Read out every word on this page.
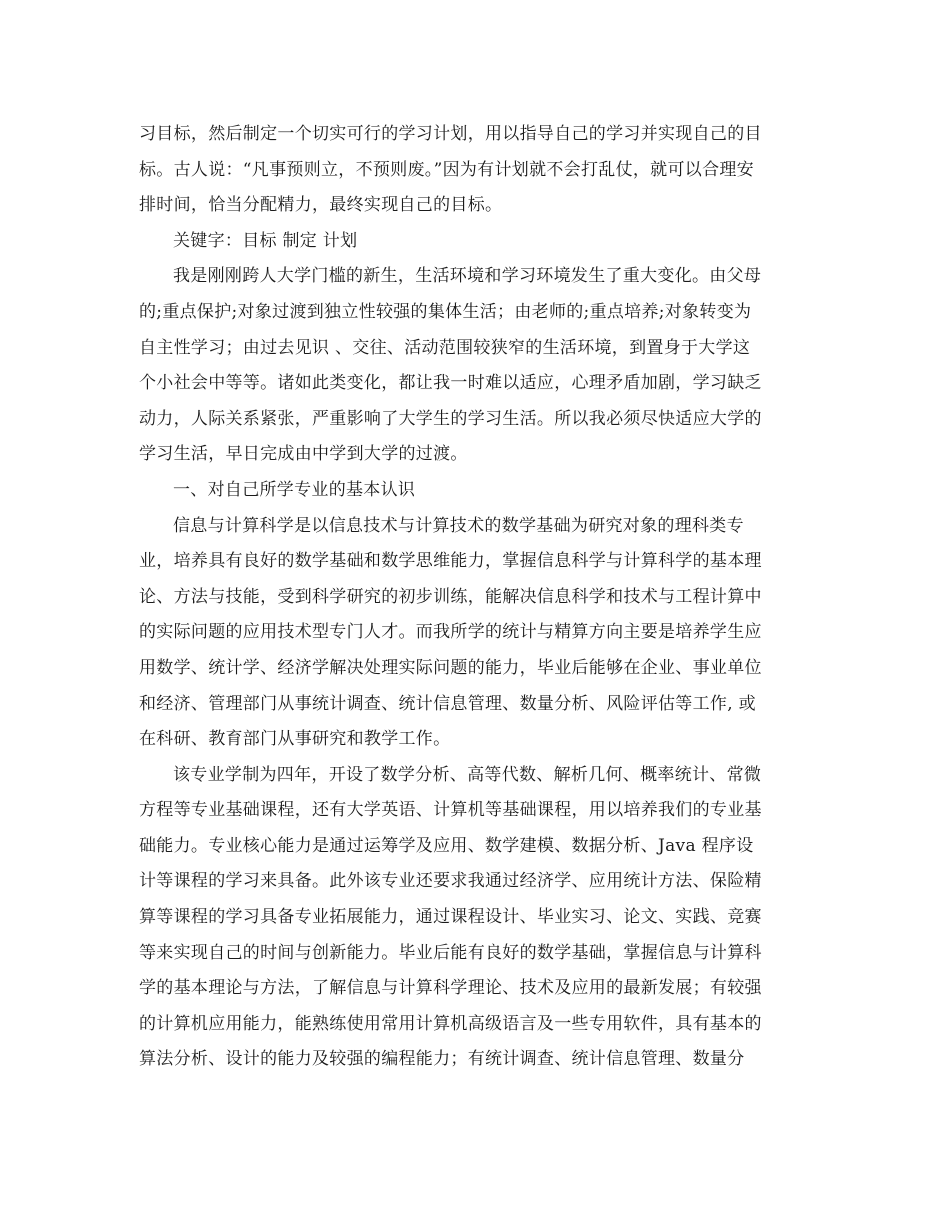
习目标，然后制定一个切实可行的学习计划，用以指导自己的学习并实现自己的目
标。古人说：“凡事预则立，不预则废。”因为有计划就不会打乱仗，就可以合理安
排时间，恰当分配精力，最终实现自己的目标。
关键字：目标 制定 计划
我是刚刚跨人大学门槛的新生，生活环境和学习环境发生了重大变化。由父母
的;重点保护;对象过渡到独立性较强的集体生活；由老师的;重点培养;对象转变为
自主性学习；由过去见识 、交往、活动范围较狭窄的生活环境，到置身于大学这
个小社会中等等。诸如此类变化，都让我一时难以适应，心理矛盾加剧，学习缺乏
动力，人际关系紧张，严重影响了大学生的学习生活。所以我必须尽快适应大学的
学习生活，早日完成由中学到大学的过渡。
一、对自己所学专业的基本认识
信息与计算科学是以信息技术与计算技术的数学基础为研究对象的理科类专
业，培养具有良好的数学基础和数学思维能力，掌握信息科学与计算科学的基本理
论、方法与技能，受到科学研究的初步训练，能解决信息科学和技术与工程计算中
的实际问题的应用技术型专门人才。而我所学的统计与精算方向主要是培养学生应
用数学、统计学、经济学解决处理实际问题的能力，毕业后能够在企业、事业单位
和经济、管理部门从事统计调查、统计信息管理、数量分析、风险评估等工作, 或
在科研、教育部门从事研究和教学工作。
该专业学制为四年，开设了数学分析、高等代数、解析几何、概率统计、常微
方程等专业基础课程，还有大学英语、计算机等基础课程，用以培养我们的专业基
础能力。专业核心能力是通过运筹学及应用、数学建模、数据分析、Java 程序设
计等课程的学习来具备。此外该专业还要求我通过经济学、应用统计方法、保险精
算等课程的学习具备专业拓展能力，通过课程设计、毕业实习、论文、实践、竞赛
等来实现自己的时间与创新能力。毕业后能有良好的数学基础，掌握信息与计算科
学的基本理论与方法，了解信息与计算科学理论、技术及应用的最新发展；有较强
的计算机应用能力，能熟练使用常用计算机高级语言及一些专用软件，具有基本的
算法分析、设计的能力及较强的编程能力；有统计调查、统计信息管理、数量分
